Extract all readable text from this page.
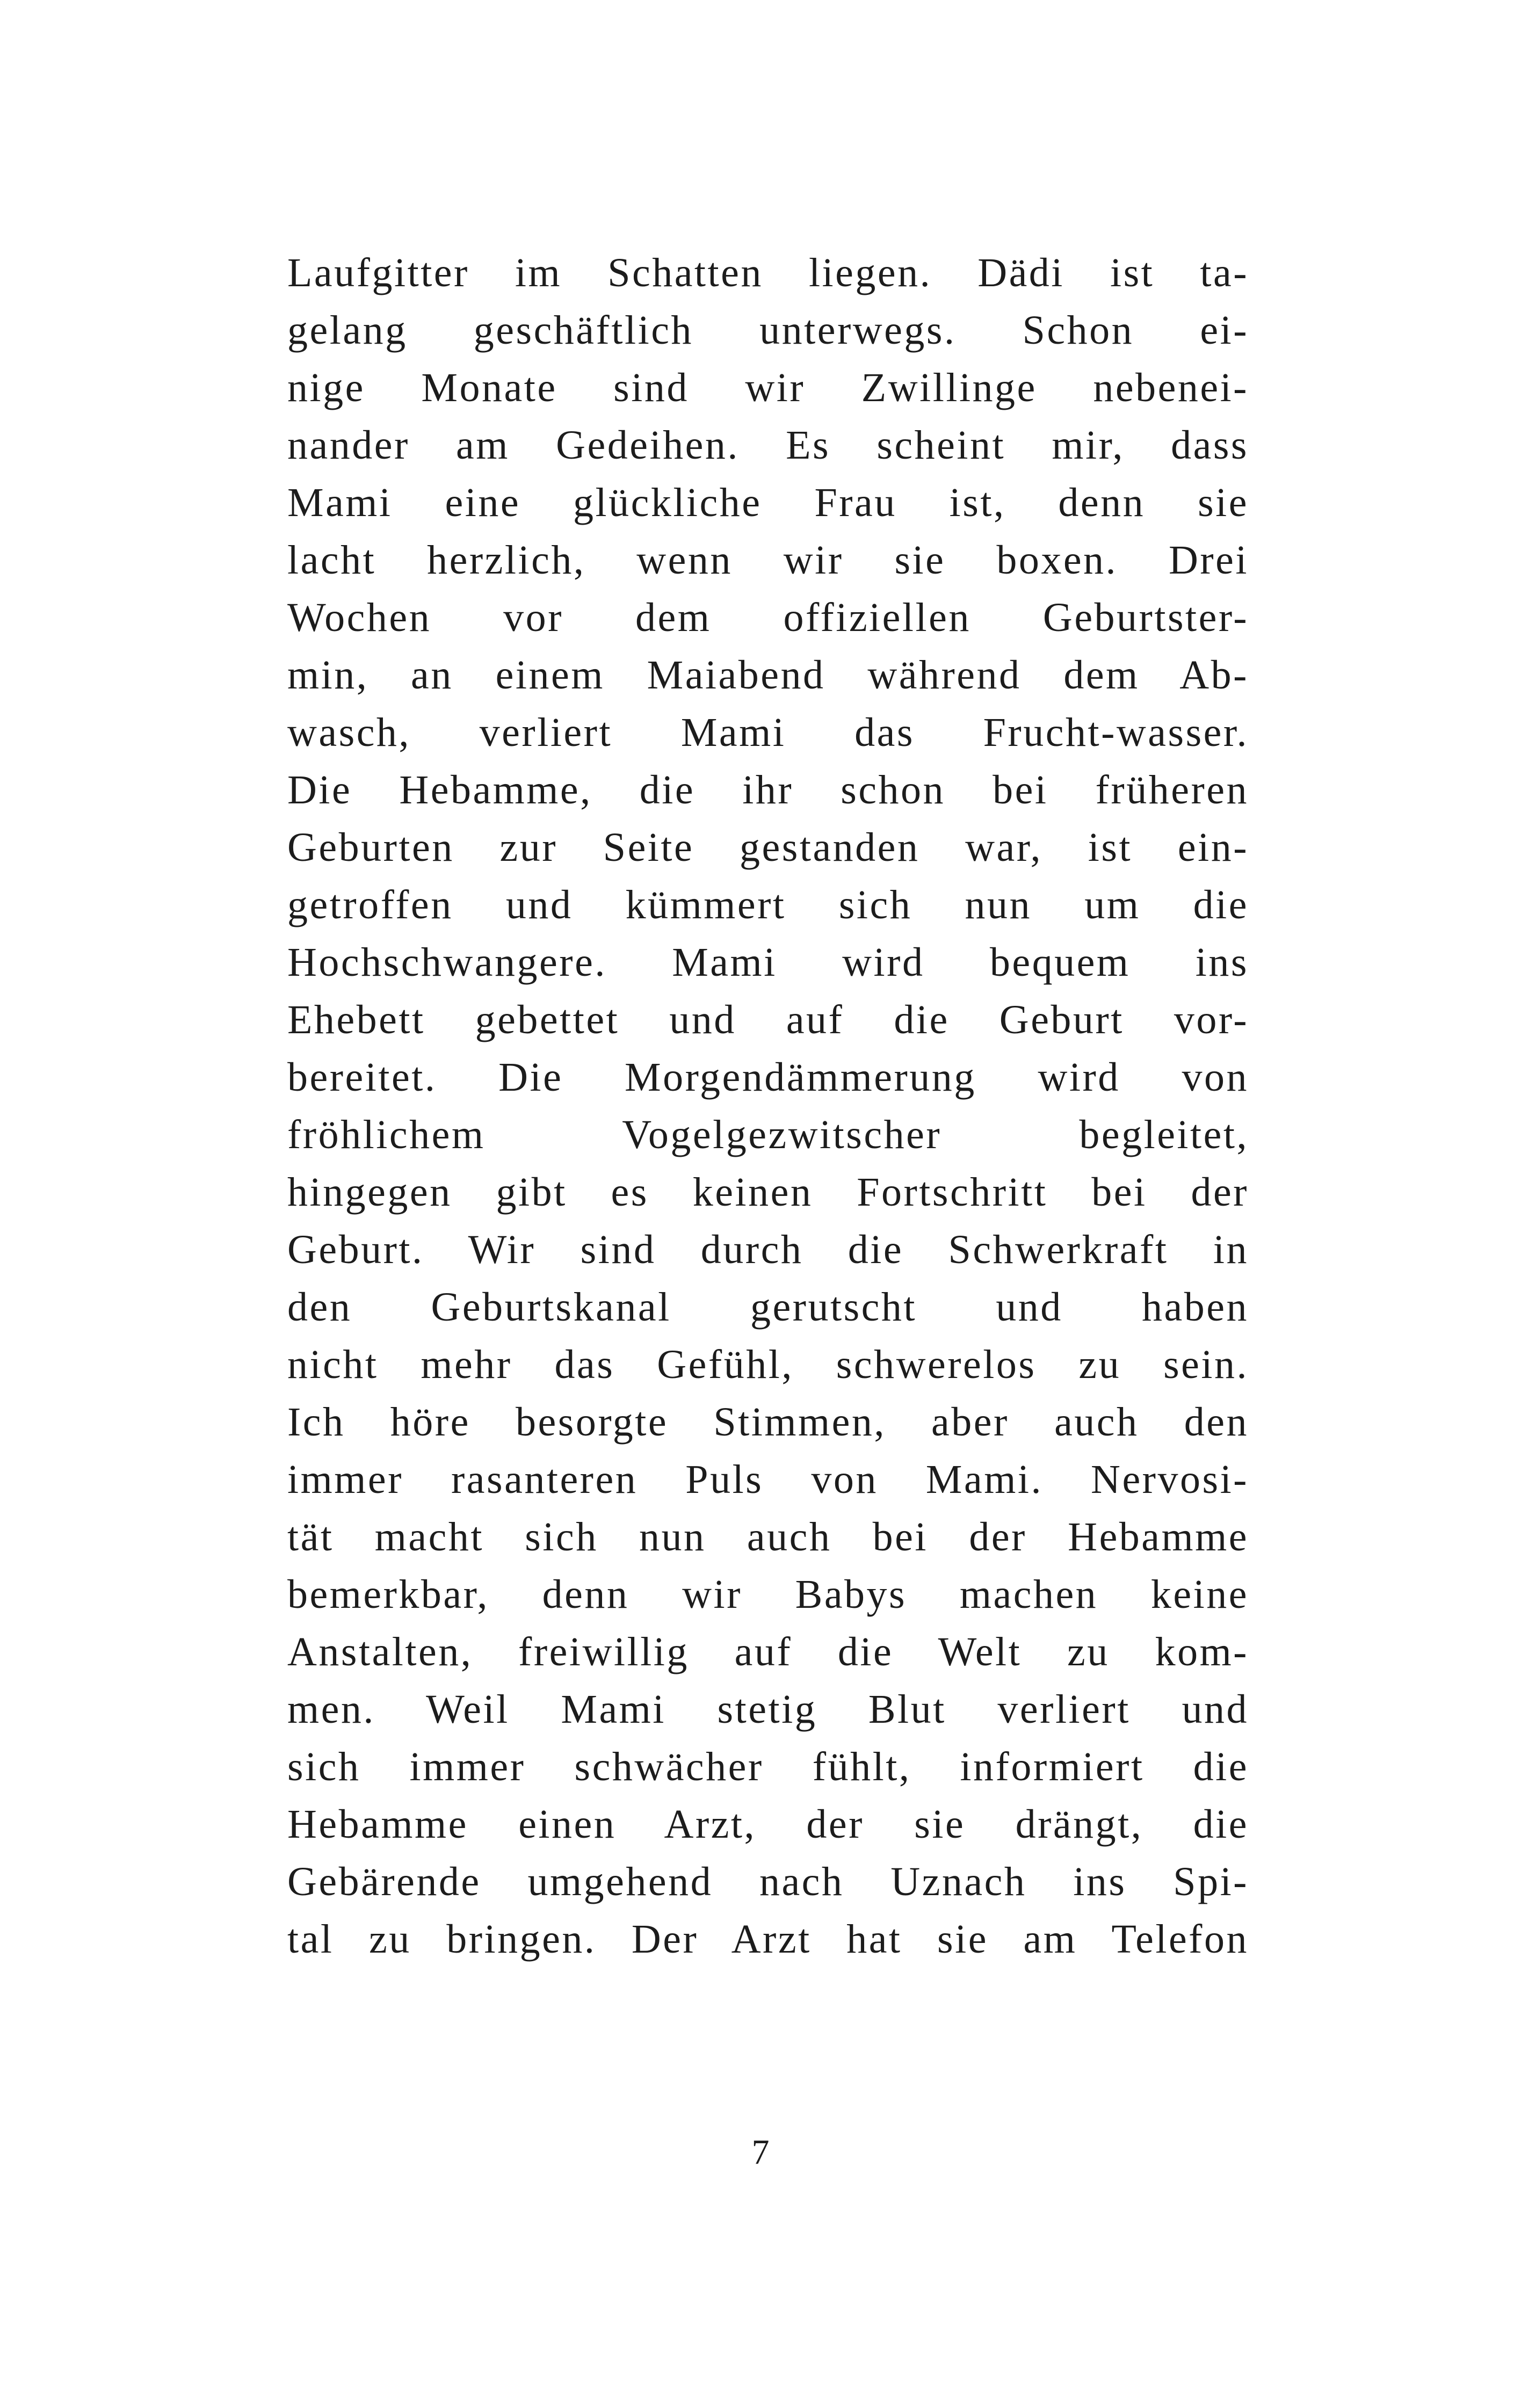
Laufgitter im Schatten liegen. Dädi ist ta-
gelang geschäftlich unterwegs. Schon ei-
nige Monate sind wir Zwillinge nebenei-
nander am Gedeihen. Es scheint mir, dass
Mami eine glückliche Frau ist, denn sie
lacht herzlich, wenn wir sie boxen. Drei
Wochen vor dem offiziellen Geburtster-
min, an einem Maiabend während dem Ab-
wasch, verliert Mami das Frucht-wasser.
Die Hebamme, die ihr schon bei früheren
Geburten zur Seite gestanden war, ist ein-
getroffen und kümmert sich nun um die
Hochschwangere. Mami wird bequem ins
Ehebett gebettet und auf die Geburt vor-
bereitet. Die Morgendämmerung wird von
fröhlichem Vogelgezwitscher begleitet,
hingegen gibt es keinen Fortschritt bei der
Geburt. Wir sind durch die Schwerkraft in
den Geburtskanal gerutscht und haben
nicht mehr das Gefühl, schwerelos zu sein.
Ich höre besorgte Stimmen, aber auch den
immer rasanteren Puls von Mami. Nervosi-
tät macht sich nun auch bei der Hebamme
bemerkbar, denn wir Babys machen keine
Anstalten, freiwillig auf die Welt zu kom-
men. Weil Mami stetig Blut verliert und
sich immer schwächer fühlt, informiert die
Hebamme einen Arzt, der sie drängt, die
Gebärende umgehend nach Uznach ins Spi-
tal zu bringen. Der Arzt hat sie am Telefon
7
